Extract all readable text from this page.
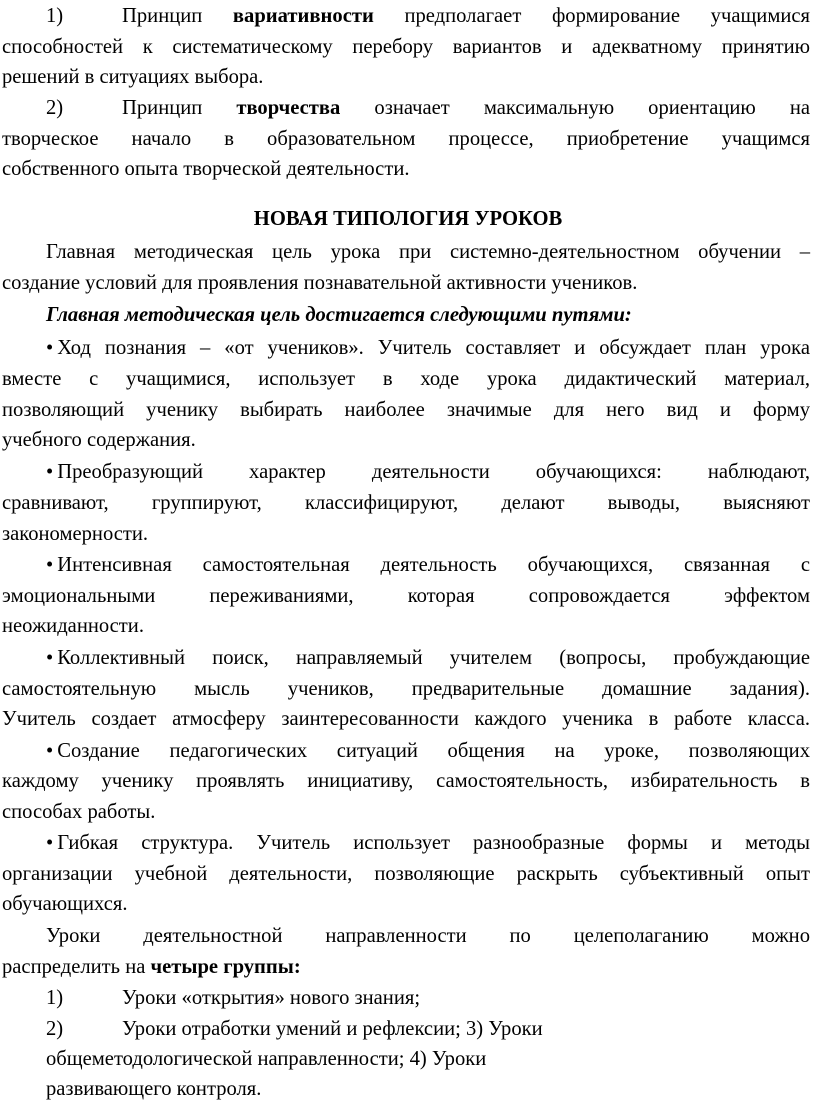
1)	Принцип вариативности предполагает формирование учащимися
способностей к систематическому перебору вариантов и адекватному принятию
решений в ситуациях выбора.
2)	Принцип творчества означает максимальную ориентацию на
творческое начало в образовательном процессе, приобретение учащимся
собственного опыта творческой деятельности.
НОВАЯ ТИПОЛОГИЯ УРОКОВ
Главная методическая цель урока при системно-деятельностном обучении –
создание условий для проявления познавательной активности учеников.
Главная методическая цель достигается следующими путями:
• Ход познания – «от учеников». Учитель составляет и обсуждает план урока
вместе с учащимися, использует в ходе урока дидактический материал,
позволяющий ученику выбирать наиболее значимые для него вид и форму
учебного содержания.
• Преобразующий характер деятельности обучающихся: наблюдают,
сравнивают, группируют, классифицируют, делают выводы, выясняют
закономерности.
• Интенсивная самостоятельная деятельность обучающихся, связанная с
эмоциональными переживаниями, которая сопровождается эффектом
неожиданности.
• Коллективный поиск, направляемый учителем (вопросы, пробуждающие
самостоятельную мысль учеников, предварительные домашние задания).
Учитель создает атмосферу заинтересованности каждого ученика в работе класса.
• Создание педагогических ситуаций общения на уроке, позволяющих
каждому ученику проявлять инициативу, самостоятельность, избирательность в
способах работы.
• Гибкая структура. Учитель использует разнообразные формы и методы
организации учебной деятельности, позволяющие раскрыть субъективный опыт
обучающихся.
Уроки деятельностной направленности по целеполаганию можно
распределить на четыре группы:
1)	Уроки «открытия» нового знания;
2)	Уроки отработки умений и рефлексии; 3) Уроки
общеметодологической направленности; 4) Уроки
развивающего контроля.
